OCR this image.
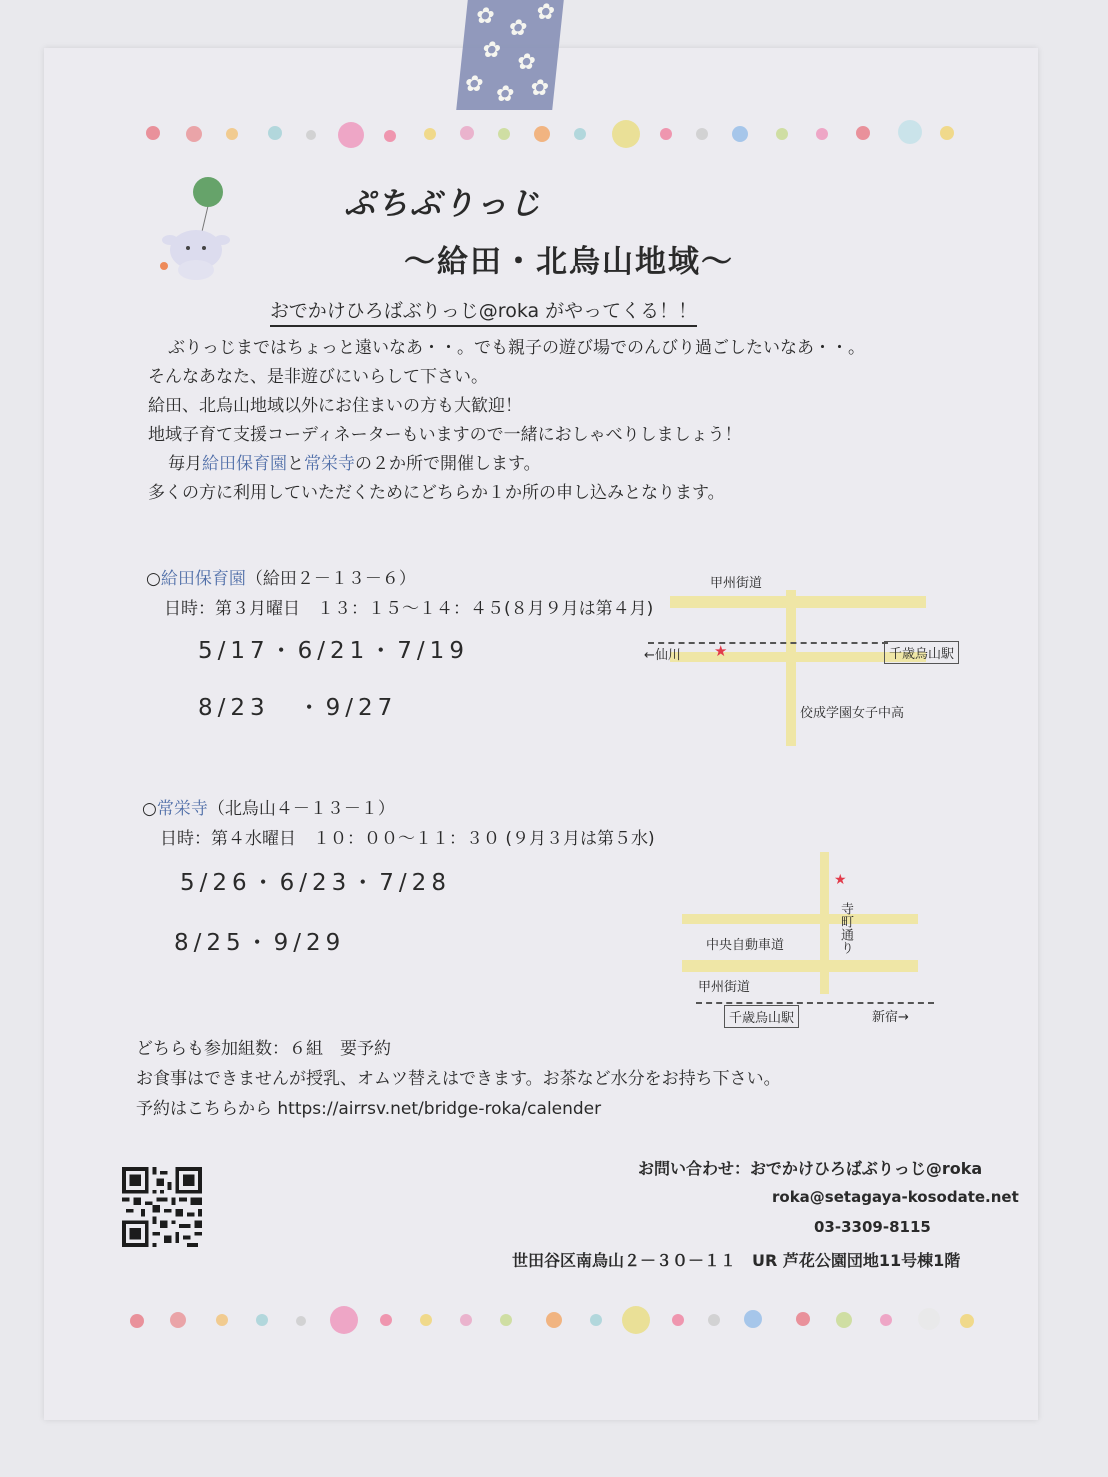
✿ ✿
✿
✿ ✿
✿ ✿ ✿
ぷちぶりっじ
〜給田・北烏山地域〜
おでかけひろばぶりっじ@roka がやってくる！！
ぶりっじまではちょっと遠いなあ・・。でも親子の遊び場でのんびり過ごしたいなあ・・。
そんなあなた、是非遊びにいらして下さい。
給田、北烏山地域以外にお住まいの方も大歓迎！
地域子育て支援コーディネーターもいますので一緒におしゃべりしましょう！
毎月給田保育園と常栄寺の２か所で開催します。
多くの方に利用していただくためにどちらか１か所の申し込みとなります。
○給田保育園（給田２－１３－６）
日時：第３月曜日　１３：１５～１４：４５(８月９月は第４月)
5/17・6/21・7/19
8/23　・9/27
甲州街道
←仙川 ★	千歳烏山駅
佼成学園女子中高
○常栄寺（北烏山４－１３－１）
日時：第４水曜日　１０：００～１１：３０ (９月３月は第５水)
5/26・6/23・7/28
8/25・9/29
★
中央自動車道	寺町通り
甲州街道
千歳烏山駅	新宿→
どちらも参加組数：６組　要予約
お食事はできませんが授乳、オムツ替えはできます。お茶など水分をお持ち下さい。
予約はこちらから https://airrsv.net/bridge-roka/calender
お問い合わせ：おでかけひろばぶりっじ@roka
roka@setagaya-kosodate.net
03-3309-8115
世田谷区南烏山２－３０－１１　UR 芦花公園団地11号棟1階
